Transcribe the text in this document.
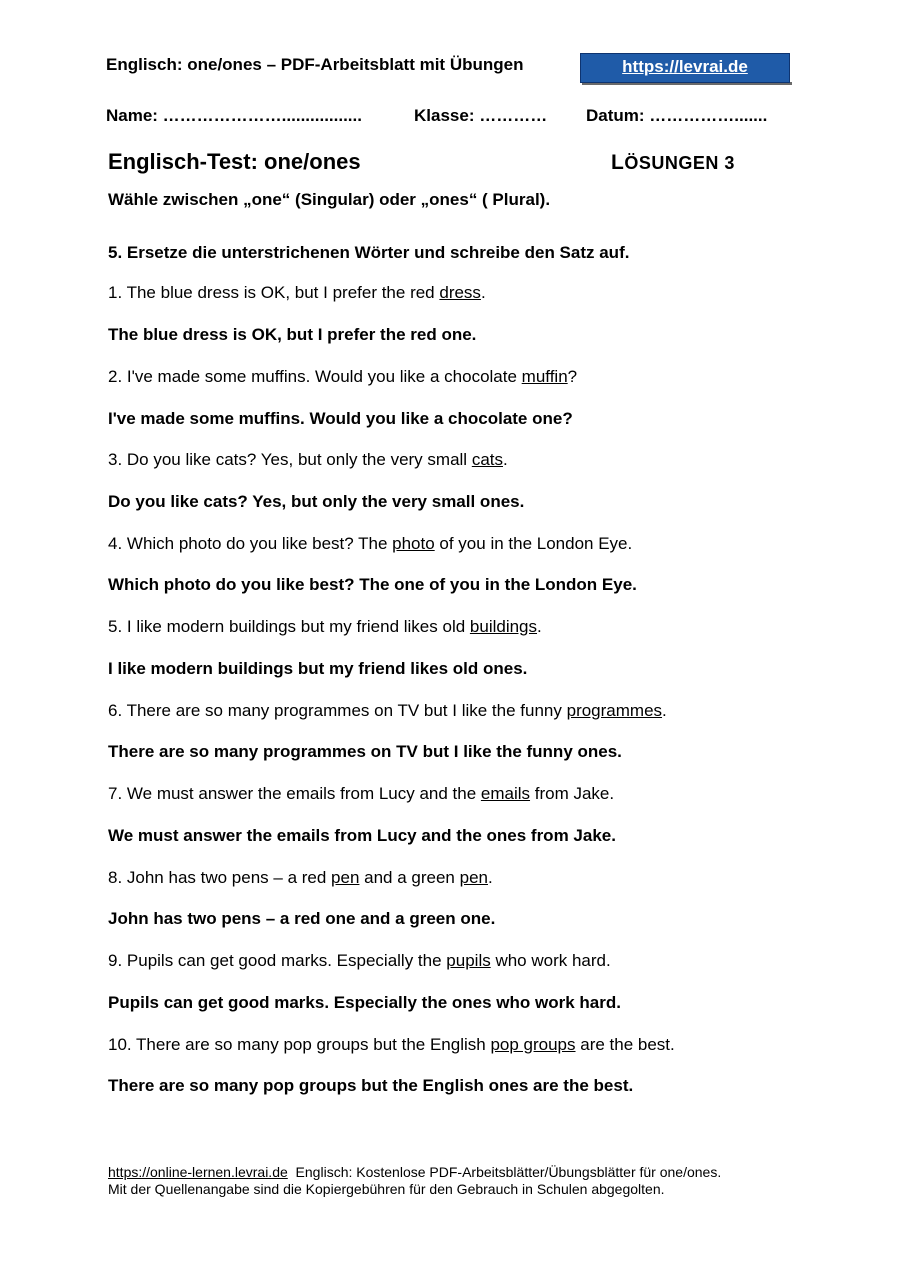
Englisch: one/ones – PDF-Arbeitsblatt mit Übungen	https://levrai.de
Name: ………………….................	Klasse: ………… Datum: …………….......
Englisch-Test: one/ones	LÖSUNGEN 3
Wähle zwischen „one“ (Singular) oder „ones“ ( Plural).
5. Ersetze die unterstrichenen Wörter und schreibe den Satz auf.
1. The blue dress is OK, but I prefer the red dress.
The blue dress is OK, but I prefer the red one.
2. I've made some muffins. Would you like a chocolate muffin?
I've made some muffins. Would you like a chocolate one?
3. Do you like cats? Yes, but only the very small cats.
Do you like cats? Yes, but only the very small ones.
4. Which photo do you like best? The photo of you in the London Eye.
Which photo do you like best? The one of you in the London Eye.
5. I like modern buildings but my friend likes old buildings.
I like modern buildings but my friend likes old ones.
6. There are so many programmes on TV but I like the funny programmes.
There are so many programmes on TV but I like the funny ones.
7. We must answer the emails from Lucy and the emails from Jake.
We must answer the emails from Lucy and the ones from Jake.
8. John has two pens – a red pen and a green pen.
John has two pens – a red one and a green one.
9. Pupils can get good marks. Especially the pupils who work hard.
Pupils can get good marks. Especially the ones who work hard.
10. There are so many pop groups but the English pop groups are the best.
There are so many pop groups but the English ones are the best.
https://online-lernen.levrai.de  Englisch: Kostenlose PDF-Arbeitsblätter/Übungsblätter für one/ones.
Mit der Quellenangabe sind die Kopiergebühren für den Gebrauch in Schulen abgegolten.
